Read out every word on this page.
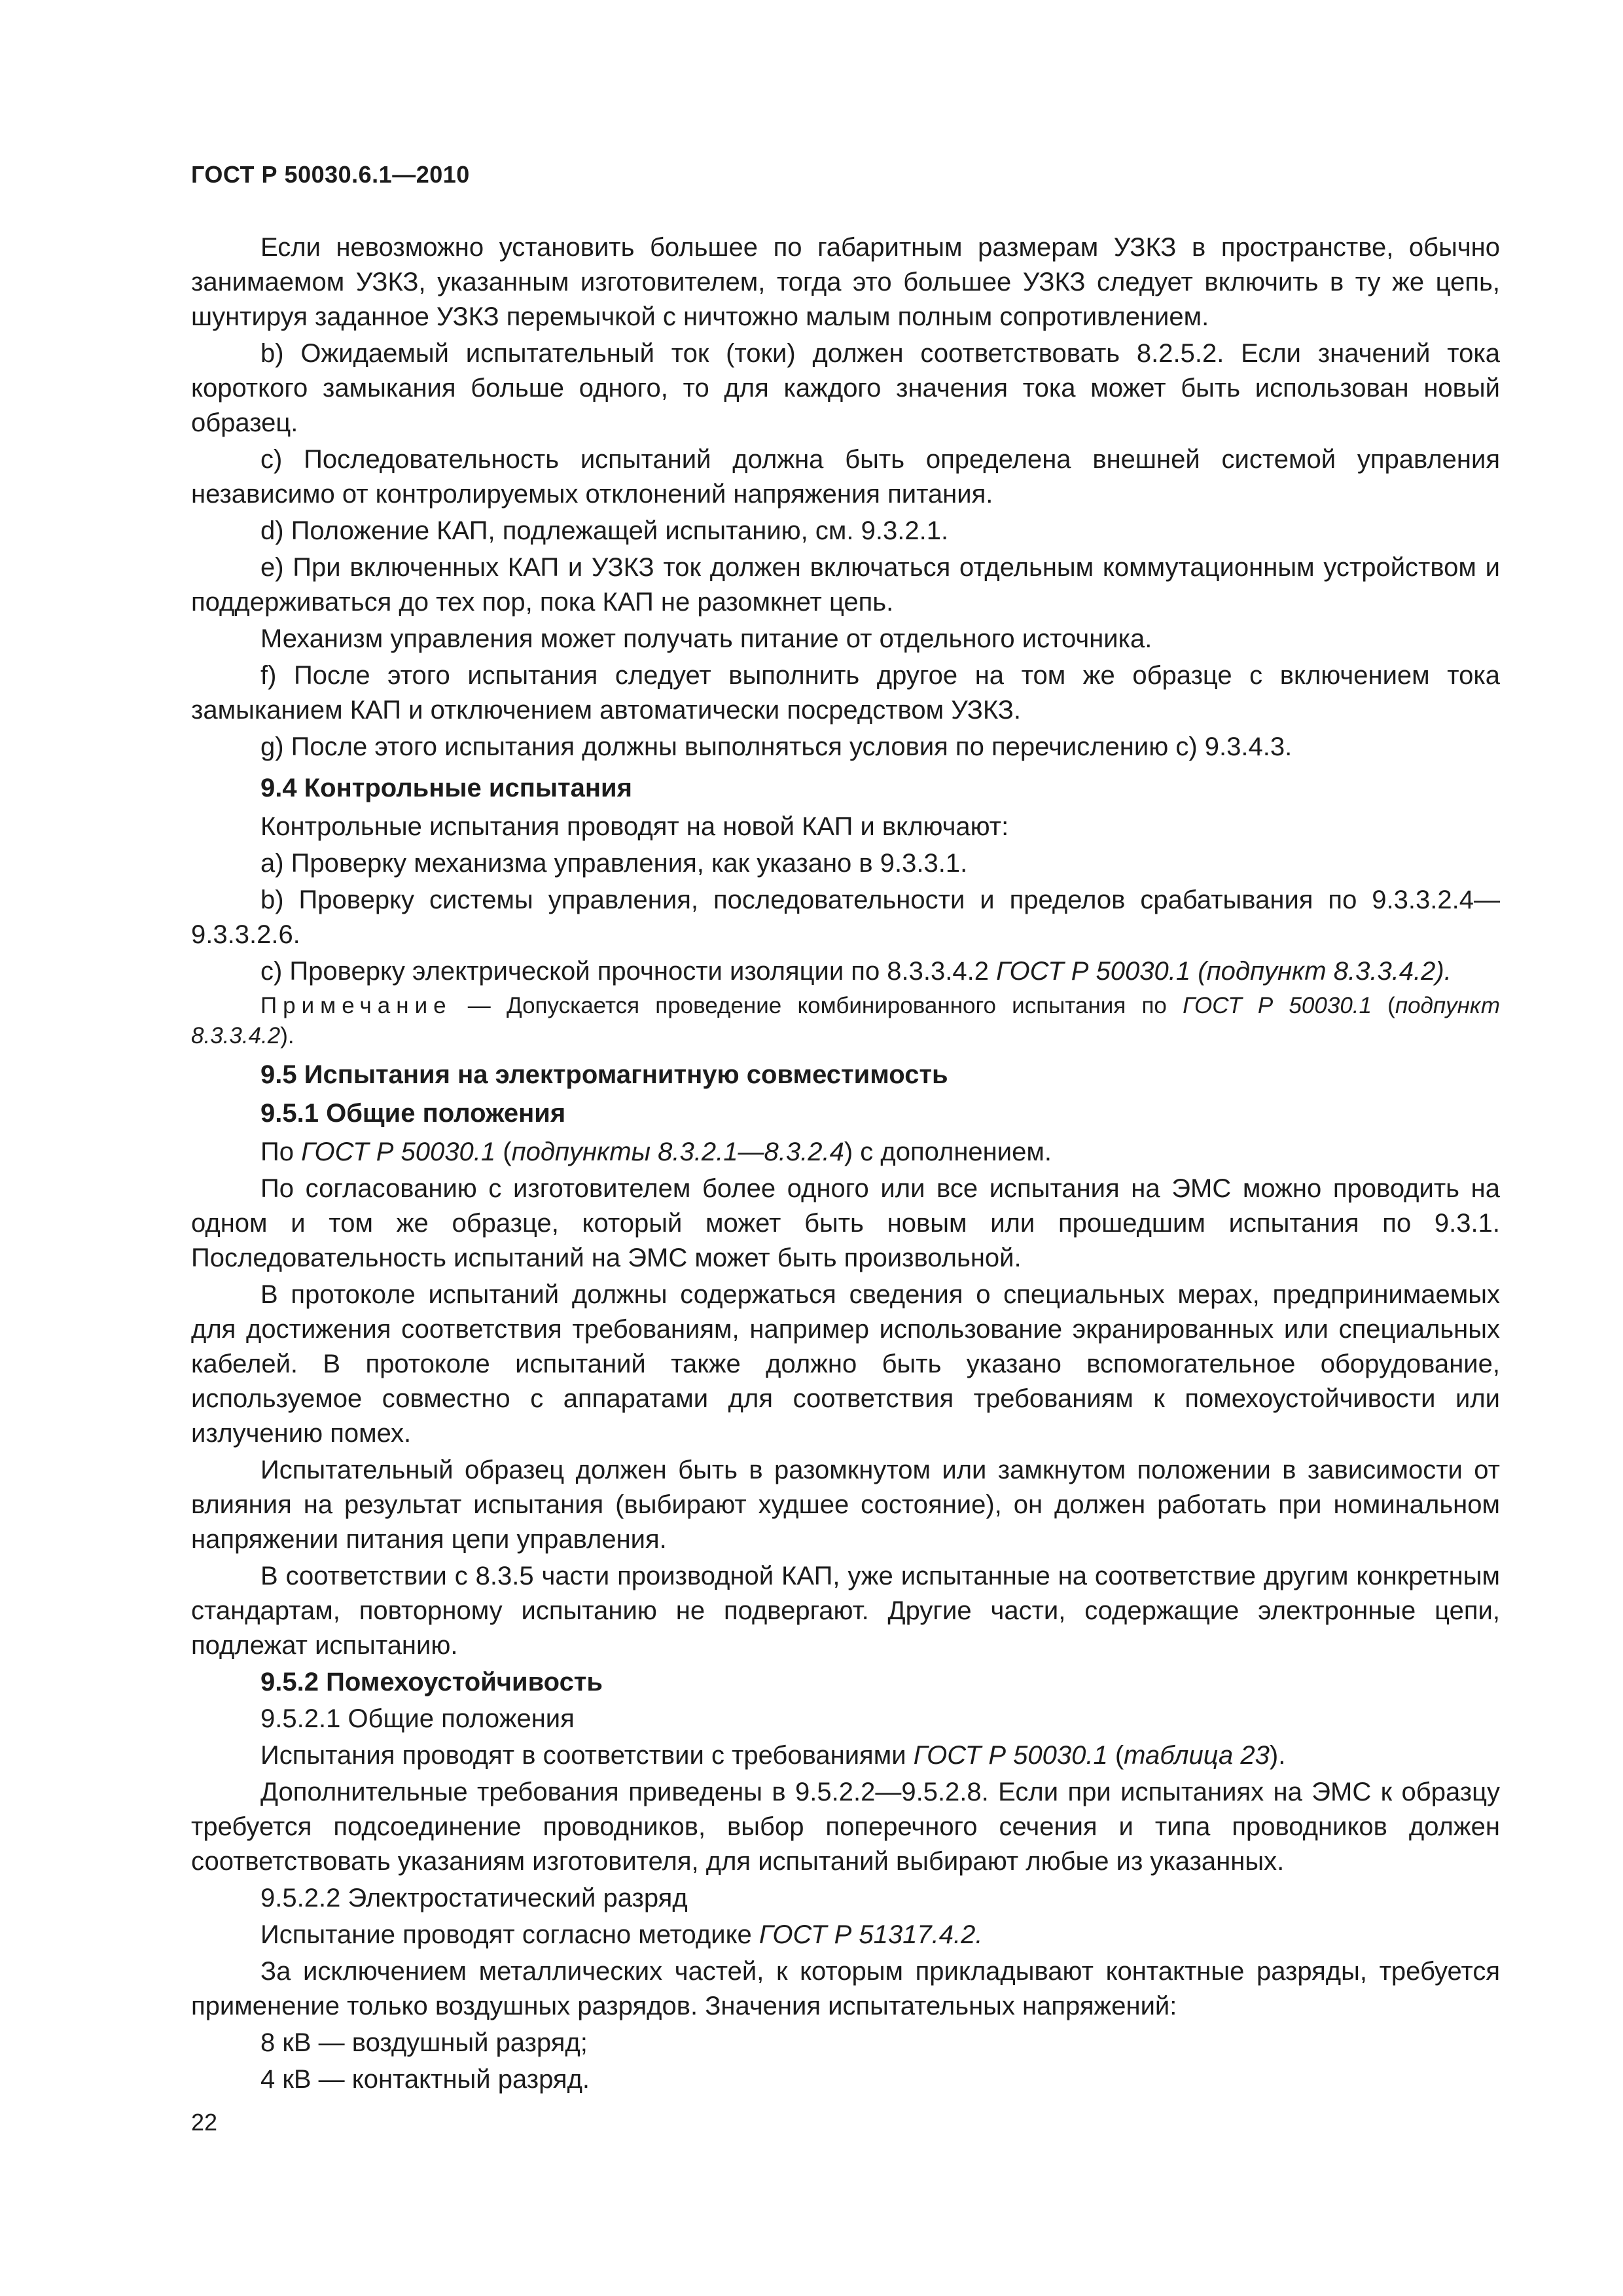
ГОСТ Р 50030.6.1—2010

Если невозможно установить большее по габаритным размерам УЗКЗ в пространстве, обычно занимаемом УЗКЗ, указанным изготовителем, тогда это большее УЗКЗ следует включить в ту же цепь, шунтируя заданное УЗКЗ перемычкой с ничтожно малым полным сопротивлением.

b) Ожидаемый испытательный ток (токи) должен соответствовать 8.2.5.2. Если значений тока короткого замыкания больше одного, то для каждого значения тока может быть использован новый образец.

c) Последовательность испытаний должна быть определена внешней системой управления независимо от контролируемых отклонений напряжения питания.

d) Положение КАП, подлежащей испытанию, см. 9.3.2.1.

e) При включенных КАП и УЗКЗ ток должен включаться отдельным коммутационным устройством и поддерживаться до тех пор, пока КАП не разомкнет цепь.

Механизм управления может получать питание от отдельного источника.

f) После этого испытания следует выполнить другое на том же образце с включением тока замыканием КАП и отключением автоматически посредством УЗКЗ.

g) После этого испытания должны выполняться условия по перечислению c) 9.3.4.3.

9.4 Контрольные испытания

Контрольные испытания проводят на новой КАП и включают:

a) Проверку механизма управления, как указано в 9.3.3.1.

b) Проверку системы управления, последовательности и пределов срабатывания по 9.3.3.2.4—9.3.3.2.6.

c) Проверку электрической прочности изоляции по 8.3.3.4.2 ГОСТ Р 50030.1 (подпункт 8.3.3.4.2).

Примечание — Допускается проведение комбинированного испытания по ГОСТ Р 50030.1 (подпункт 8.3.3.4.2).

9.5 Испытания на электромагнитную совместимость

9.5.1 Общие положения

По ГОСТ Р 50030.1 (подпункты 8.3.2.1—8.3.2.4) с дополнением.

По согласованию с изготовителем более одного или все испытания на ЭМС можно проводить на одном и том же образце, который может быть новым или прошедшим испытания по 9.3.1. Последовательность испытаний на ЭМС может быть произвольной.

В протоколе испытаний должны содержаться сведения о специальных мерах, предпринимаемых для достижения соответствия требованиям, например использование экранированных или специальных кабелей. В протоколе испытаний также должно быть указано вспомогательное оборудование, используемое совместно с аппаратами для соответствия требованиям к помехоустойчивости или излучению помех.

Испытательный образец должен быть в разомкнутом или замкнутом положении в зависимости от влияния на результат испытания (выбирают худшее состояние), он должен работать при номинальном напряжении питания цепи управления.

В соответствии с 8.3.5 части производной КАП, уже испытанные на соответствие другим конкретным стандартам, повторному испытанию не подвергают. Другие части, содержащие электронные цепи, подлежат испытанию.

9.5.2 Помехоустойчивость

9.5.2.1 Общие положения

Испытания проводят в соответствии с требованиями ГОСТ Р 50030.1 (таблица 23).

Дополнительные требования приведены в 9.5.2.2—9.5.2.8. Если при испытаниях на ЭМС к образцу требуется подсоединение проводников, выбор поперечного сечения и типа проводников должен соответствовать указаниям изготовителя, для испытаний выбирают любые из указанных.

9.5.2.2 Электростатический разряд

Испытание проводят согласно методике ГОСТ Р 51317.4.2.

За исключением металлических частей, к которым прикладывают контактные разряды, требуется применение только воздушных разрядов. Значения испытательных напряжений:

8 кВ — воздушный разряд;

4 кВ — контактный разряд.

22
